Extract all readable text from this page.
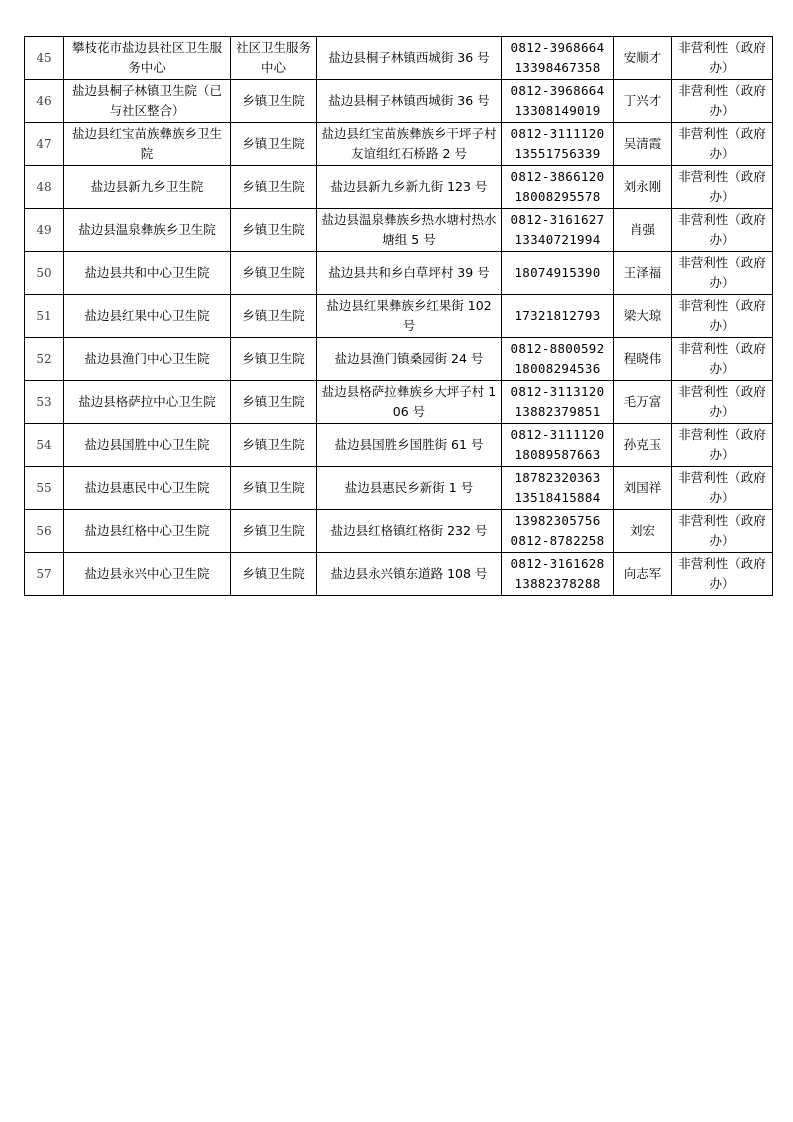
45	攀枝花市盐边县社区卫生服务中心	社区卫生服务中心	盐边县桐子林镇西城街 36 号	0812-3968664
13398467358	安顺才	非营利性（政府办）
46	盐边县桐子林镇卫生院（已与社区整合）	乡镇卫生院	盐边县桐子林镇西城街 36 号	0812-3968664
13308149019	丁兴才	非营利性（政府办）
47	盐边县红宝苗族彝族乡卫生院	乡镇卫生院	盐边县红宝苗族彝族乡干坪子村友谊组红石桥路 2 号	0812-3111120
13551756339	吴清霞	非营利性（政府办）
48	盐边县新九乡卫生院	乡镇卫生院	盐边县新九乡新九街 123 号	0812-3866120
18008295578	刘永刚	非营利性（政府办）
49	盐边县温泉彝族乡卫生院	乡镇卫生院	盐边县温泉彝族乡热水塘村热水塘组 5 号	0812-3161627
13340721994	肖强	非营利性（政府办）
50	盐边县共和中心卫生院	乡镇卫生院	盐边县共和乡白草坪村 39 号	18074915390	王泽福	非营利性（政府办）
51	盐边县红果中心卫生院	乡镇卫生院	盐边县红果彝族乡红果街 102 号	17321812793	梁大琼	非营利性（政府办）
52	盐边县渔门中心卫生院	乡镇卫生院	盐边县渔门镇桑园街 24 号	0812-8800592
18008294536	程晓伟	非营利性（政府办）
53	盐边县格萨拉中心卫生院	乡镇卫生院	盐边县格萨拉彝族乡大坪子村 106 号	0812-3113120
13882379851	毛万富	非营利性（政府办）
54	盐边县国胜中心卫生院	乡镇卫生院	盐边县国胜乡国胜街 61 号	0812-3111120
18089587663	孙克玉	非营利性（政府办）
55	盐边县惠民中心卫生院	乡镇卫生院	盐边县惠民乡新街 1 号	18782320363
13518415884	刘国祥	非营利性（政府办）
56	盐边县红格中心卫生院	乡镇卫生院	盐边县红格镇红格街 232 号	13982305756
0812-8782258	刘宏	非营利性（政府办）
57	盐边县永兴中心卫生院	乡镇卫生院	盐边县永兴镇东道路 108 号	0812-3161628
13882378288	向志军	非营利性（政府办）
